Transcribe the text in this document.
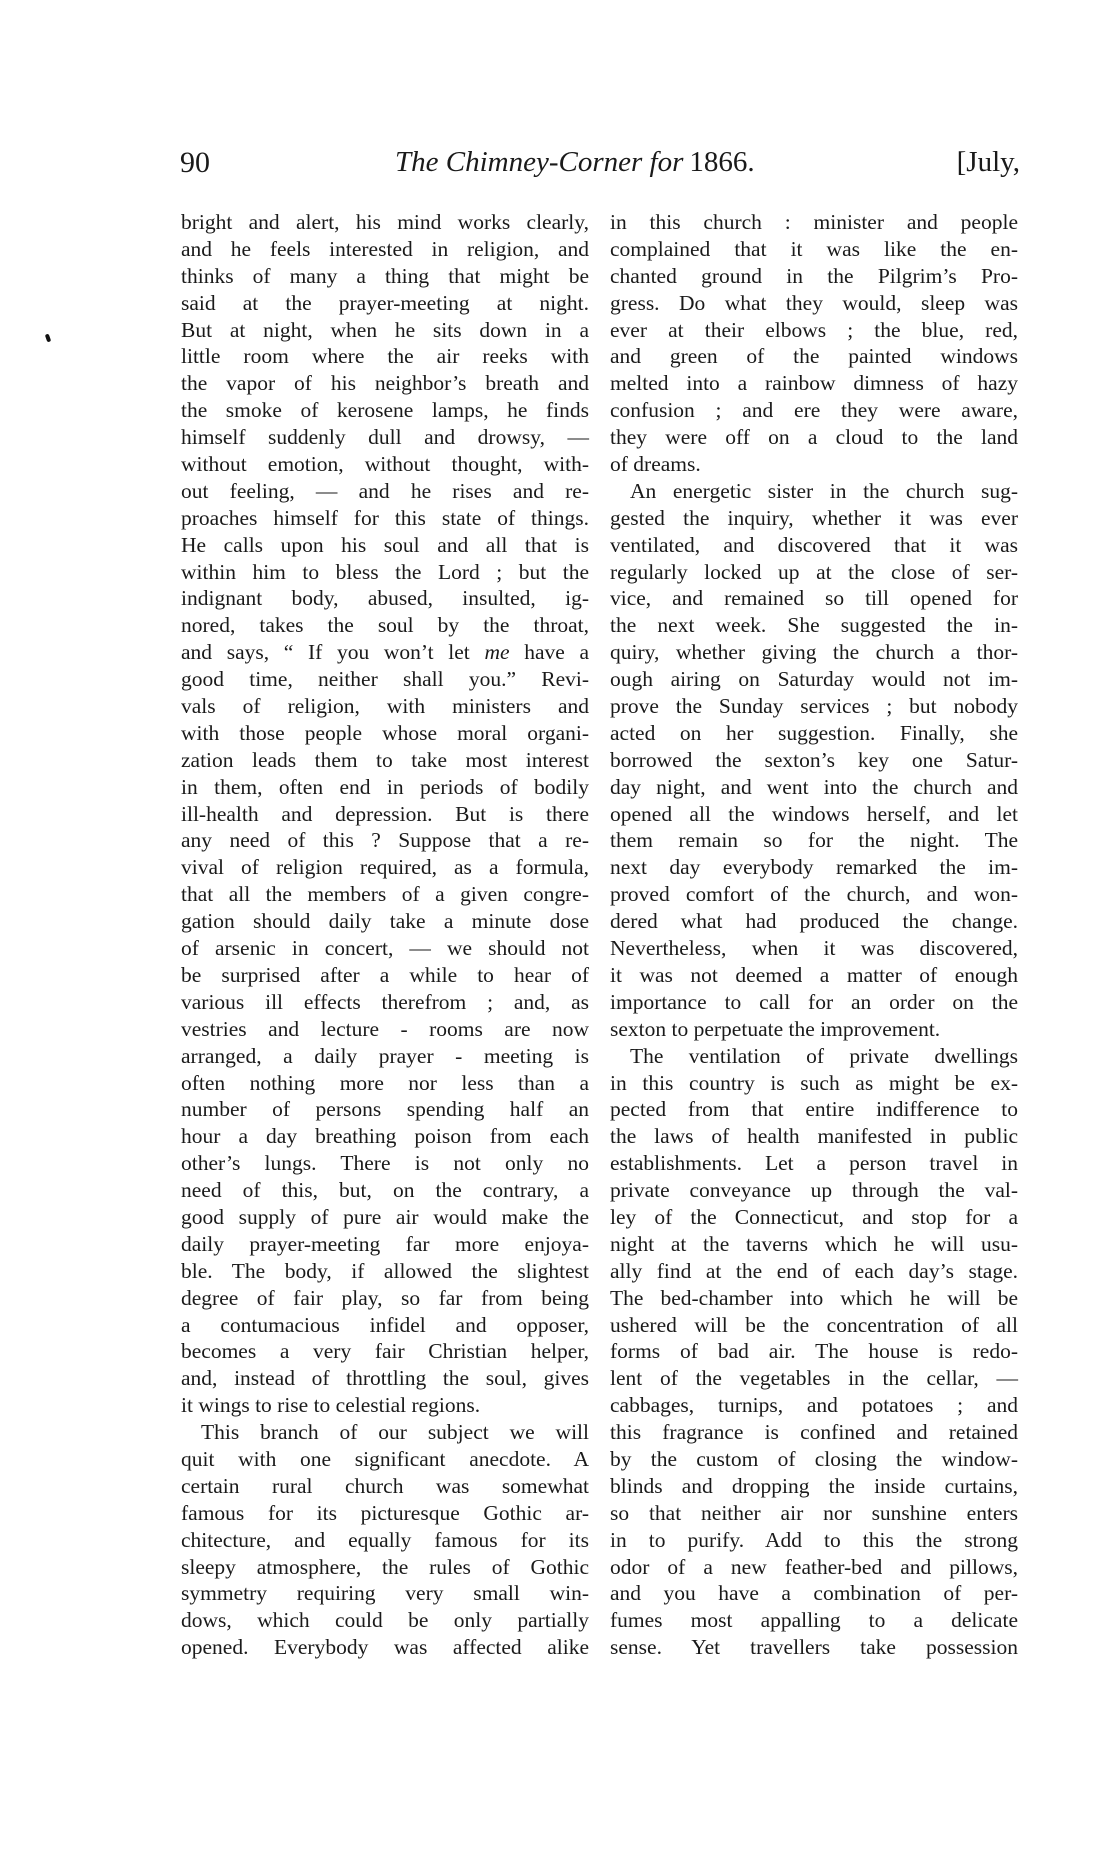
90	The Chimney-Corner for 1866.	[July,
bright and alert, his mind works clearly,
and he feels interested in religion, and
thinks of many a thing that might be
said at the prayer-meeting at night.
But at night, when he sits down in a
little room where the air reeks with
the vapor of his neighbor’s breath and
the smoke of kerosene lamps, he finds
himself suddenly dull and drowsy, —
without emotion, without thought, with-
out feeling, — and he rises and re-
proaches himself for this state of things.
He calls upon his soul and all that is
within him to bless the Lord ; but the
indignant body, abused, insulted, ig-
nored, takes the soul by the throat,
and says, “ If you won’t let me have a
good time, neither shall you.” Revi-
vals of religion, with ministers and
with those people whose moral organi-
zation leads them to take most interest
in them, often end in periods of bodily
ill-health and depression. But is there
any need of this ? Suppose that a re-
vival of religion required, as a formula,
that all the members of a given congre-
gation should daily take a minute dose
of arsenic in concert, — we should not
be surprised after a while to hear of
various ill effects therefrom ; and, as
vestries and lecture - rooms are now
arranged, a daily prayer - meeting is
often nothing more nor less than a
number of persons spending half an
hour a day breathing poison from each
other’s lungs. There is not only no
need of this, but, on the contrary, a
good supply of pure air would make the
daily prayer-meeting far more enjoya-
ble. The body, if allowed the slightest
degree of fair play, so far from being
a contumacious infidel and opposer,
becomes a very fair Christian helper,
and, instead of throttling the soul, gives
it wings to rise to celestial regions.
This branch of our subject we will
quit with one significant anecdote. A
certain rural church was somewhat
famous for its picturesque Gothic ar-
chitecture, and equally famous for its
sleepy atmosphere, the rules of Gothic
symmetry requiring very small win-
dows, which could be only partially
opened. Everybody was affected alike
in this church : minister and people
complained that it was like the en-
chanted ground in the Pilgrim’s Pro-
gress. Do what they would, sleep was
ever at their elbows ; the blue, red,
and green of the painted windows
melted into a rainbow dimness of hazy
confusion ; and ere they were aware,
they were off on a cloud to the land
of dreams.
An energetic sister in the church sug-
gested the inquiry, whether it was ever
ventilated, and discovered that it was
regularly locked up at the close of ser-
vice, and remained so till opened for
the next week. She suggested the in-
quiry, whether giving the church a thor-
ough airing on Saturday would not im-
prove the Sunday services ; but nobody
acted on her suggestion. Finally, she
borrowed the sexton’s key one Satur-
day night, and went into the church and
opened all the windows herself, and let
them remain so for the night. The
next day everybody remarked the im-
proved comfort of the church, and won-
dered what had produced the change.
Nevertheless, when it was discovered,
it was not deemed a matter of enough
importance to call for an order on the
sexton to perpetuate the improvement.
The ventilation of private dwellings
in this country is such as might be ex-
pected from that entire indifference to
the laws of health manifested in public
establishments. Let a person travel in
private conveyance up through the val-
ley of the Connecticut, and stop for a
night at the taverns which he will usu-
ally find at the end of each day’s stage.
The bed-chamber into which he will be
ushered will be the concentration of all
forms of bad air. The house is redo-
lent of the vegetables in the cellar, —
cabbages, turnips, and potatoes ; and
this fragrance is confined and retained
by the custom of closing the window-
blinds and dropping the inside curtains,
so that neither air nor sunshine enters
in to purify. Add to this the strong
odor of a new feather-bed and pillows,
and you have a combination of per-
fumes most appalling to a delicate
sense. Yet travellers take possession
